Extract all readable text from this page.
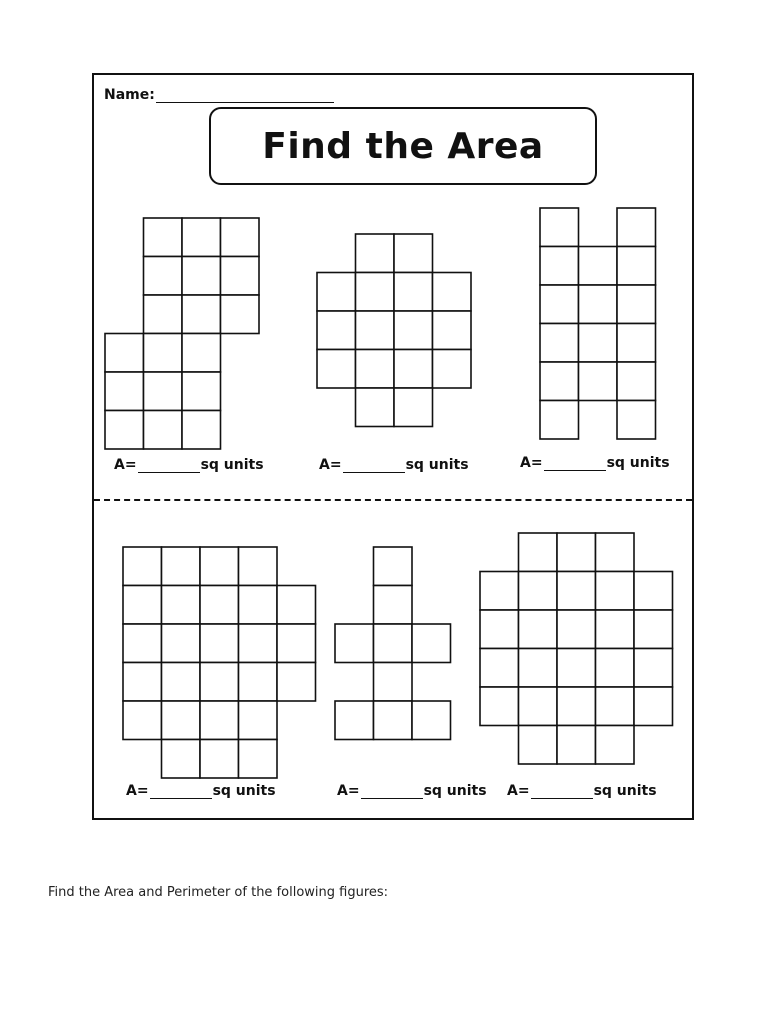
Name:
Find the Area
A=	sq units	A=	sq units	A=	sq units
A=	sq units	A=	sq units A=	sq units
Find the Area and Perimeter of the following figures:
